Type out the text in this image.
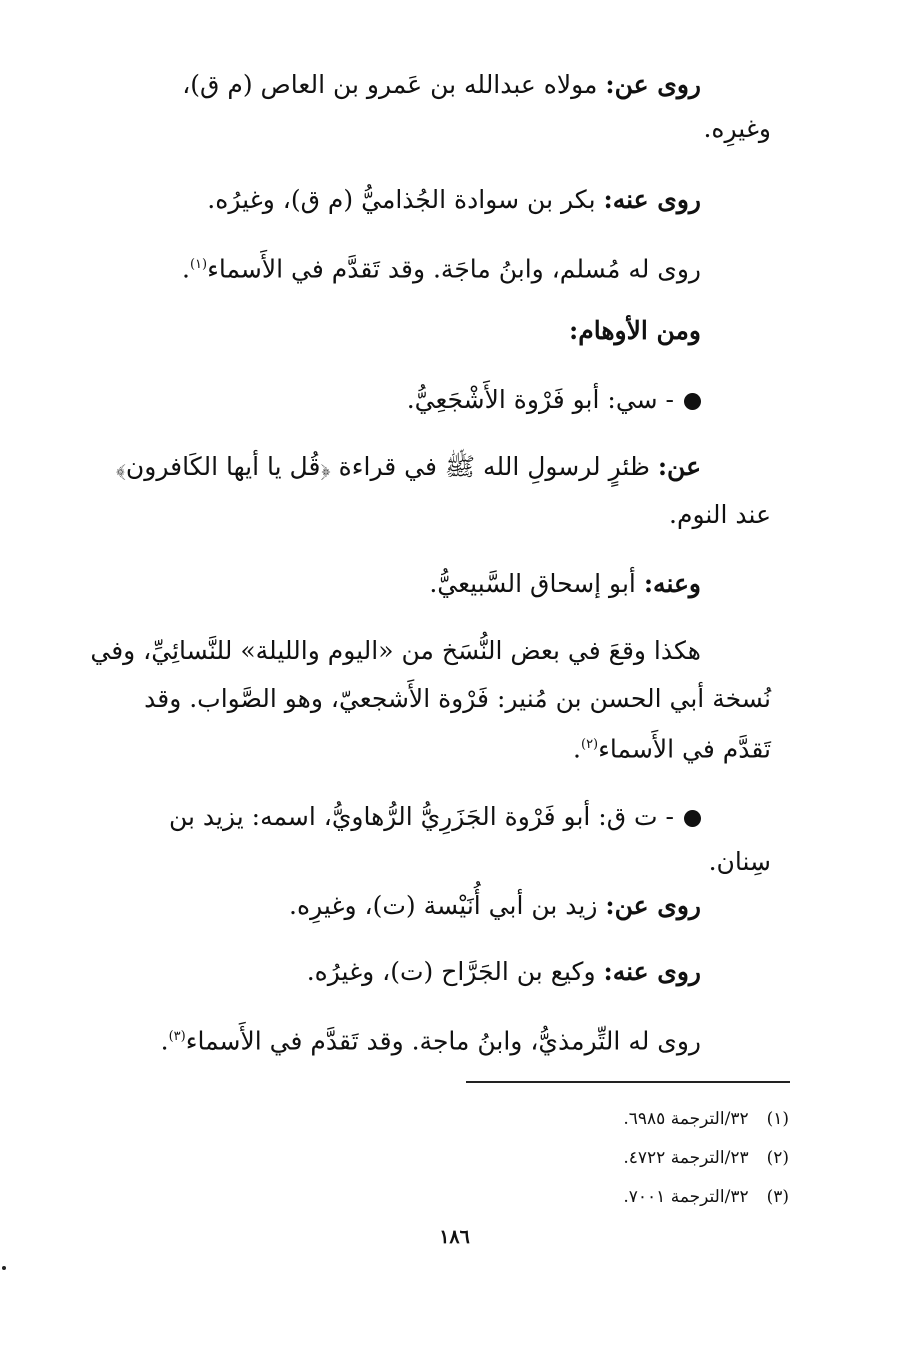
روى عن: مولاه عبدالله بن عَمرو بن العاص (م ق)،
وغيرِه.
روى عنه: بكر بن سوادة الجُذاميُّ (م ق)، وغيرُه.
روى له مُسلم، وابنُ ماجَة. وقد تَقدَّم في الأَسماء$^{(١)}$.
ومن الأوهام:
- سي: أبو فَرْوة الأَشْجَعِيُّ.
عن: ظئرٍ لرسولِ الله ﷺ في قراءة ﴿قُل يا أيها الكَافرون﴾
عند النوم.
وعنه: أبو إسحاق السَّبيعيُّ.
هكذا وقعَ في بعض النُّسَخ من «اليوم والليلة» للنَّسائِيِّ، وفي
نُسخة أبي الحسن بن مُنير: فَرْوة الأَشجعيّ، وهو الصَّواب. وقد
تَقدَّم في الأَسماء$^{(٢)}$.
- ت ق: أبو فَرْوة الجَزَرِيُّ الرُّهاويُّ، اسمه: يزيد بن
سِنان.
روى عن: زيد بن أبي أُنَيْسة (ت)، وغيرِه.
روى عنه: وكيع بن الجَرَّاح (ت)، وغيرُه.
روى له التِّرمذيُّ، وابنُ ماجة. وقد تَقدَّم في الأَسماء$^{(٣)}$.
(١)٣٢/الترجمة ٦٩٨٥.
(٢)٢٣/الترجمة ٤٧٢٢.
(٣)٣٢/الترجمة ٧٠٠١.
١٨٦
